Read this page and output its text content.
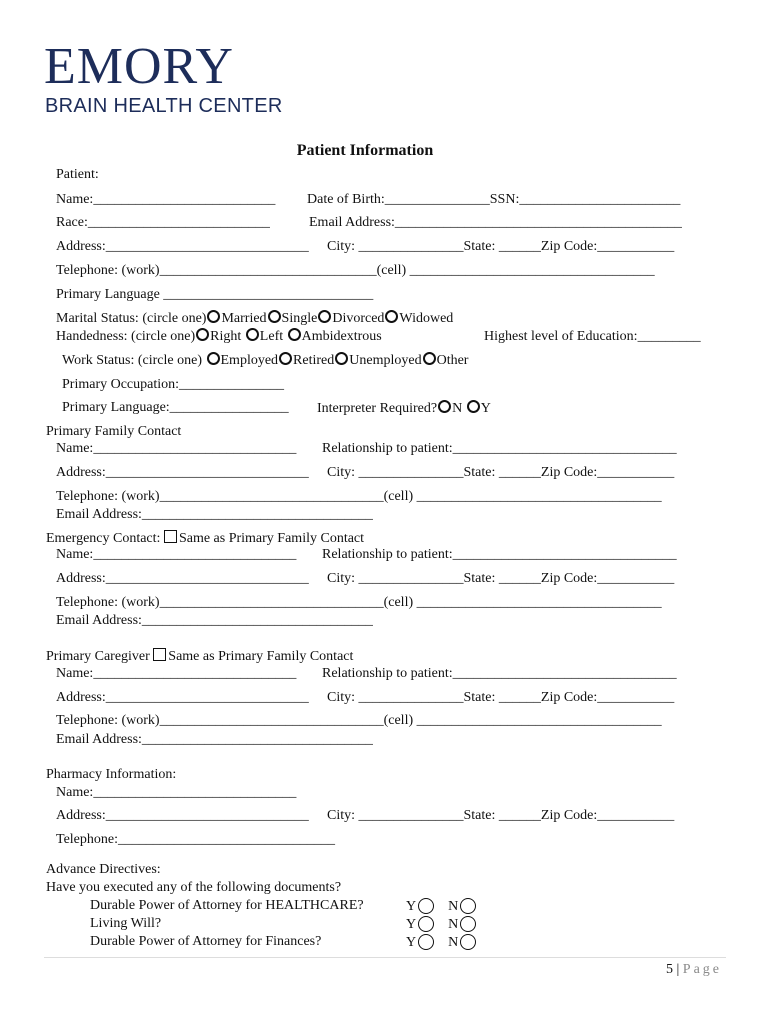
EMORY
BRAIN HEALTH CENTER
Patient Information
Patient:
Name:__________________________ Date of Birth:_______________SSN:_______________________
Race:__________________________	Email Address:_________________________________________
Address:_____________________________ City: _______________State: ______Zip Code:___________
Telephone: (work)_______________________________(cell) ___________________________________
Primary Language ______________________________
Marital Status: (circle one) Married Single Divorced Widowed
Handedness: (circle one) Right Left Ambidextrous	Highest level of Education:_________
Work Status: (circle one) Employed Retired Unemployed Other
Primary Occupation:_______________
Primary Language:_________________ Interpreter Required? N Y
Primary Family Contact
Name:_____________________________ Relationship to patient:________________________________
Address:_____________________________ City: _______________State: ______Zip Code:___________
Telephone: (work)________________________________(cell) ___________________________________
Email Address:_________________________________
Emergency Contact: Same as Primary Family Contact
Name:_____________________________ Relationship to patient:________________________________
Address:_____________________________ City: _______________State: ______Zip Code:___________
Telephone: (work)________________________________(cell) ___________________________________
Email Address:_________________________________
Primary Caregiver Same as Primary Family Contact
Name:_____________________________ Relationship to patient:________________________________
Address:_____________________________ City: _______________State: ______Zip Code:___________
Telephone: (work)________________________________(cell) ___________________________________
Email Address:_________________________________
Pharmacy Information:
Name:_____________________________
Address:_____________________________ City: _______________State: ______Zip Code:___________
Telephone:_______________________________
Advance Directives:
Have you executed any of the following documents?
Durable Power of Attorney for HEALTHCARE?	Y N
Living Will?	Y N
Durable Power of Attorney for Finances?	Y N
5 | Page
